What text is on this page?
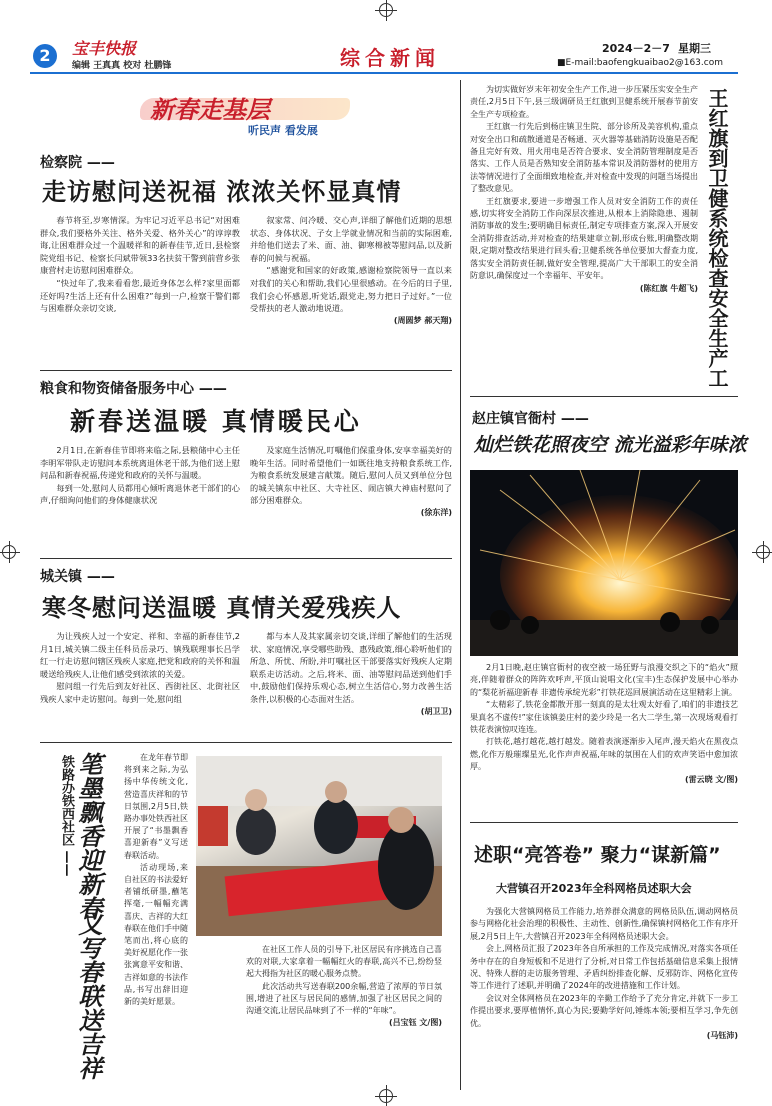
2	宝丰快报
编辑 王真真 校对 杜鹏锋	综合新闻	2024－2－7 星期三
■E-mail:baofengkuaibao2@163.com
新春走基层
听民声 看发展
检察院 ——
走访慰问送祝福 浓浓关怀显真情

春节将至,岁寒情深。为牢记习近平总书记“对困难群众,我们要格外关注、格外关爱、格外关心”的谆谆教诲,让困难群众过一个温暖祥和的新春佳节,近日,县检察院党组书记、检察长闫斌带领33名扶贫干警到前营乡张康营村走访慰问困难群众。

“快过年了,我来看看您,最近身体怎么样?家里面都还好吗?生活上还有什么困难?”每到一户,检察干警们都与困难群众亲切交谈,

叙家常、问冷暖、交心声,详细了解他们近期的思想状态、身体状况、子女上学就业情况和当前的实际困难,并给他们送去了米、面、油、御寒棉被等慰问品,以及新春的问候与祝福。

“感谢党和国家的好政策,感谢检察院领导一直以来对我们的关心和帮助,我们心里很感动。在今后的日子里,我们会心怀感恩,听党话,跟党走,努力把日子过好。”一位受帮扶的老人激动地说道。

(周圆梦 郝天翔)
粮食和物资储备服务中心 ——
新春送温暖 真情暖民心

2月1日,在新春佳节即将来临之际,县粮储中心主任李明军带队走访慰问本系统离退休老干部,为他们送上慰问品和新春祝福,传递党和政府的关怀与温暖。

每到一处,慰问人员都用心倾听离退休老干部们的心声,仔细询问他们的身体健康状况

及家庭生活情况,叮嘱他们保重身体,安享幸福美好的晚年生活。同时希望他们一如既往地支持粮食系统工作,为粮食系统发展建言献策。随后,慰问人员又到单位分包的城关镇东中社区、大寺社区、闹店镇大神庙村慰问了部分困难群众。

(徐东洋)
城关镇 ——
寒冬慰问送温暖 真情关爱残疾人

为让残疾人过一个安定、祥和、幸福的新春佳节,2月1日,城关镇二级主任科员岳录巧、镇残联理事长吕学红一行走访慰问辖区残疾人家庭,把党和政府的关怀和温暖送给残疾人,让他们感受到浓浓的关爱。

慰问组一行先后到友好社区、西街社区、北街社区残疾人家中走访慰问。每到一处,慰问组

都与本人及其家属亲切交谈,详细了解他们的生活现状、家庭情况,享受哪些助残、惠残政策,细心聆听他们的所急、所忧、所盼,并叮嘱社区干部要落实好残疾人定期联系走访活动。之后,将米、面、油等慰问品送到他们手中,鼓励他们保持乐观心态,树立生活信心,努力改善生活条件,以积极的心态面对生活。

(胡卫卫)
铁路办铁西社区 —— 笔墨飘香迎新春
义写春联送吉祥

在龙年春节即将到来之际,为弘扬中华传统文化,营造喜庆祥和的节日氛围,2月5日,铁路办事处铁西社区开展了“书墨飘香 喜迎新春”义写送春联活动。

活动现场,来自社区的书法爱好者铺纸研墨,蘸笔挥毫,一幅幅充满喜庆、吉祥的大红春联在他们手中随笔而出,将心底的美好祝愿化作一张张寓意平安和谐、吉祥如意的书法作品,书写出辞旧迎新的美好愿景。

在社区工作人员的引导下,社区居民有序挑选自己喜欢的对联,大家拿着一幅幅红火的春联,高兴不已,纷纷竖起大拇指为社区的暖心服务点赞。

此次活动共写送春联200余幅,营造了浓厚的节日氛围,增进了社区与居民间的感情,加强了社区居民之间的沟通交流,让居民品味到了不一样的“年味”。

(吕宝钰 文/图)

为切实做好岁末年初安全生产工作,进一步压紧压实安全生产责任,2月5日下午,县三级调研员王红旗到卫健系统开展春节前安全生产专项检查。

王红旗一行先后到杨庄镇卫生院、部分诊所及美容机构,重点对安全出口和疏散通道是否畅通、灭火器等基础消防设施是否配备且完好有效、用火用电是否符合要求、安全消防管理制度是否落实、工作人员是否熟知安全消防基本常识及消防器材的使用方法等情况进行了全面细致地检查,并对检查中发现的问题当场提出了整改意见。

王红旗要求,要进一步增强工作人员对安全消防工作的责任感,切实将安全消防工作向深层次推进,从根本上消除隐患、遏制消防事故的发生;要明确目标责任,制定专项排查方案,深入开展安全消防排查活动,并对检查的结果建章立制,形成台账,明确整改期限,定期对整改结果进行回头看;卫健系统各单位要加大督查力度,落实安全消防责任制,做好安全管理,提高广大干部职工的安全消防意识,确保度过一个幸福年、平安年。

(陈红旗 牛超飞)
王红旗到卫健系统检查安全生产工
赵庄镇官衙村 ——
灿烂铁花照夜空 流光溢彩年味浓

2月1日晚,赵庄镇官衙村的夜空被一场狂野与浪漫交织之下的“焰火”照亮,伴随着群众的阵阵欢呼声,平顶山说唱文化(宝丰)生态保护发展中心举办的“梨花祈福迎新春 非遗传承绽光彩”打铁花巡回展演活动在这里精彩上演。

“太精彩了,铁花金都散开那一刻真的是太壮观太好看了,咱们的非遗技艺果真名不虚传!”家住该镇姜庄村的姜少玲是一名大二学生,第一次现场观看打铁花表演惊叹连连。

打铁花,越打越花,越打越发。随着表演逐渐步入尾声,漫天焰火在黑夜点燃,化作万般璀璨星光,化作声声祝福,年味的氛围在人们的欢声笑语中愈加浓厚。

(雷云晓 文/图)
述职“亮答卷” 聚力“谋新篇”
大营镇召开2023年全科网格员述职大会

为强化大营镇网格员工作能力,培养群众满意的网格员队伍,调动网格员参与网格化社会治理的积极性、主动性、创新性,确保镇村网格化工作有序开展,2月5日上午,大营镇召开2023年全科网格员述职大会。

会上,网格员汇报了2023年各自所承担的工作及完成情况,对落实各项任务中存在的自身短板和不足进行了分析,对日常工作包括基础信息采集上报情况、特殊人群的走访服务管理、矛盾纠纷排查化解、反邪防诈、网格化宣传等工作进行了述职,并明确了2024年的改进措施和工作计划。

会议对全体网格员在2023年的辛勤工作给予了充分肯定,并就下一步工作提出要求,要厚植情怀,真心为民;要勤学好问,锤炼本领;要相互学习,争先创优。

(马钰沛)
